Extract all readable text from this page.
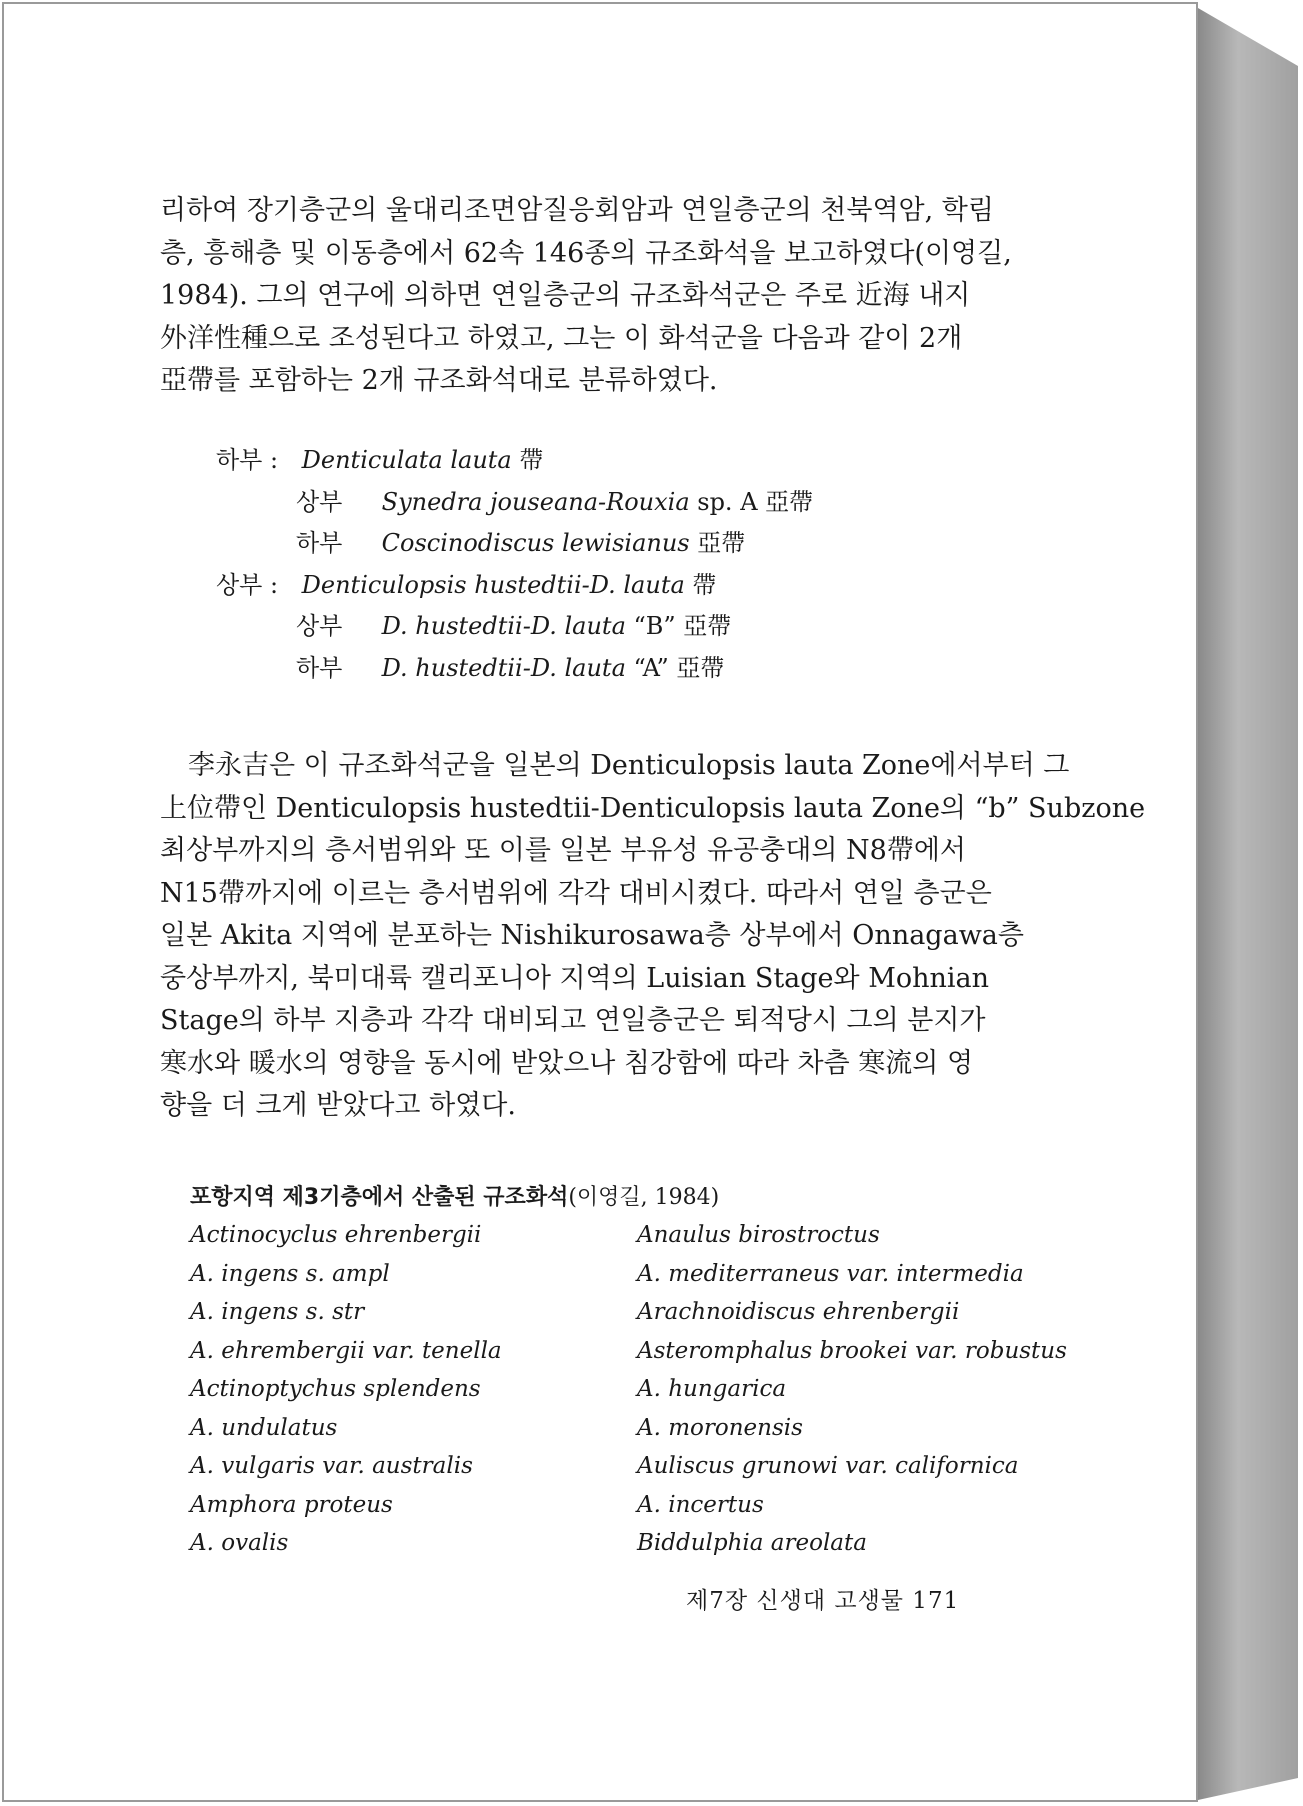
리하여 장기층군의 울대리조면암질응회암과 연일층군의 천북역암, 학림
층, 흥해층 및 이동층에서 62속 146종의 규조화석을 보고하였다(이영길,
1984). 그의 연구에 의하면 연일층군의 규조화석군은 주로 近海 내지
外洋性種으로 조성된다고 하였고, 그는 이 화석군을 다음과 같이 2개
亞帶를 포함하는 2개 규조화석대로 분류하였다.
하부 : Denticulata lauta 帶
상부 Synedra jouseana-Rouxia sp. A 亞帶
하부 Coscinodiscus lewisianus 亞帶
상부 : Denticulopsis hustedtii-D. lauta 帶
상부 D. hustedtii-D. lauta “B” 亞帶
하부 D. hustedtii-D. lauta “A” 亞帶
李永吉은 이 규조화석군을 일본의 Denticulopsis lauta Zone에서부터 그
上位帶인 Denticulopsis hustedtii-Denticulopsis lauta Zone의 “b” Subzone
최상부까지의 층서범위와 또 이를 일본 부유성 유공충대의 N8帶에서
N15帶까지에 이르는 층서범위에 각각 대비시켰다. 따라서 연일 층군은
일본 Akita 지역에 분포하는 Nishikurosawa층 상부에서 Onnagawa층
중상부까지, 북미대륙 캘리포니아 지역의 Luisian Stage와 Mohnian
Stage의 하부 지층과 각각 대비되고 연일층군은 퇴적당시 그의 분지가
寒水와 暖水의 영향을 동시에 받았으나 침강함에 따라 차츰 寒流의 영
향을 더 크게 받았다고 하였다.
포항지역 제3기층에서 산출된 규조화석(이영길, 1984)
Actinocyclus ehrenbergii
A. ingens s. ampl
A. ingens s. str
A. ehrembergii var. tenella
Actinoptychus splendens
A. undulatus
A. vulgaris var. australis
Amphora proteus
A. ovalis
Anaulus birostroctus
A. mediterraneus var. intermedia
Arachnoidiscus ehrenbergii
Asteromphalus brookei var. robustus
A. hungarica
A. moronensis
Auliscus grunowi var. californica
A. incertus
Biddulphia areolata
제7장 신생대 고생물 171
